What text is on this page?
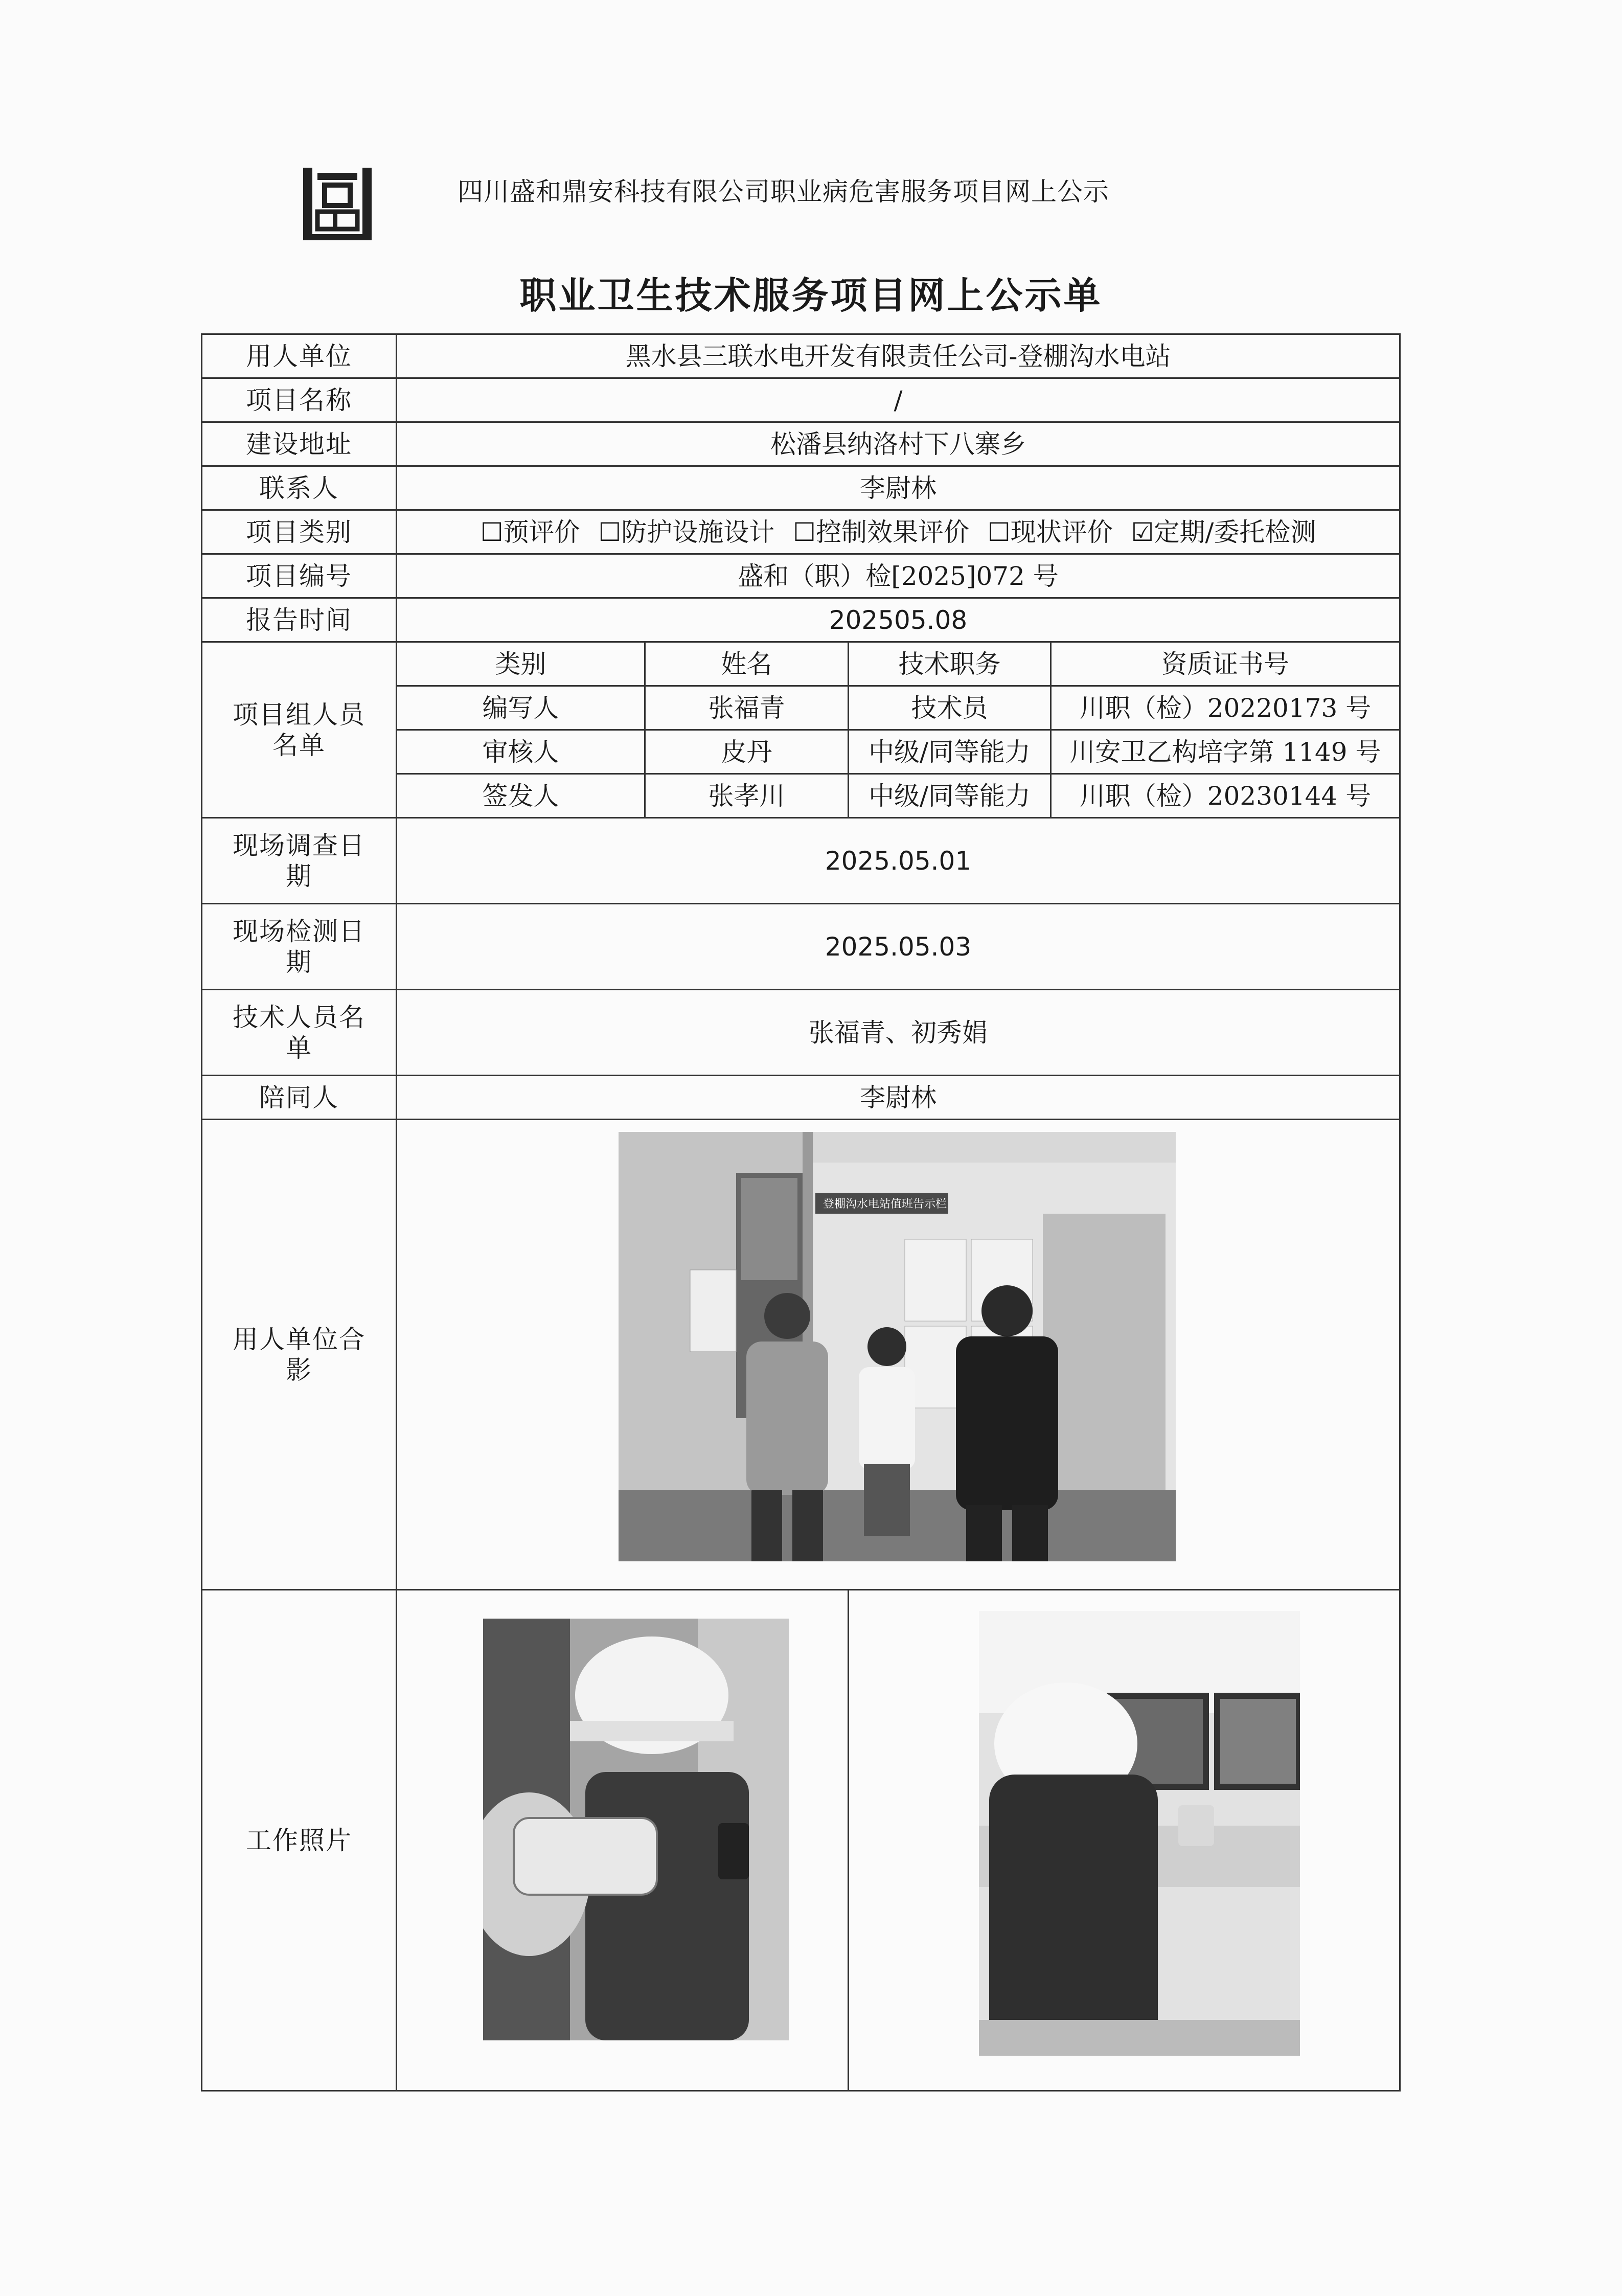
四川盛和鼎安科技有限公司职业病危害服务项目网上公示
职业卫生技术服务项目网上公示单
用人单位	黑水县三联水电开发有限责任公司-登棚沟水电站			
项目名称	/			
建设地址	松潘县纳洛村下八寨乡			
联系人	李尉林			
项目类别	☐预评价 ☐防护设施设计 ☐控制效果评价 ☐现状评价 ☑定期/委托检测			
项目编号	盛和（职）检[2025]072 号			
报告时间	202505.08			
项目组人员名单	类别	姓名	技术职务	资质证书号
	编写人	张福青	技术员	川职（检）20220173 号
	审核人	皮丹	中级/同等能力	川安卫乙构培字第 1149 号
	签发人	张孝川	中级/同等能力	川职（检）20230144 号
现场调查日期	2025.05.01			
现场检测日期	2025.05.03			
技术人员名单	张福青、初秀娟			
陪同人	李尉林			
用人单位合影				
工作照片				
登棚沟水电站值班告示栏
